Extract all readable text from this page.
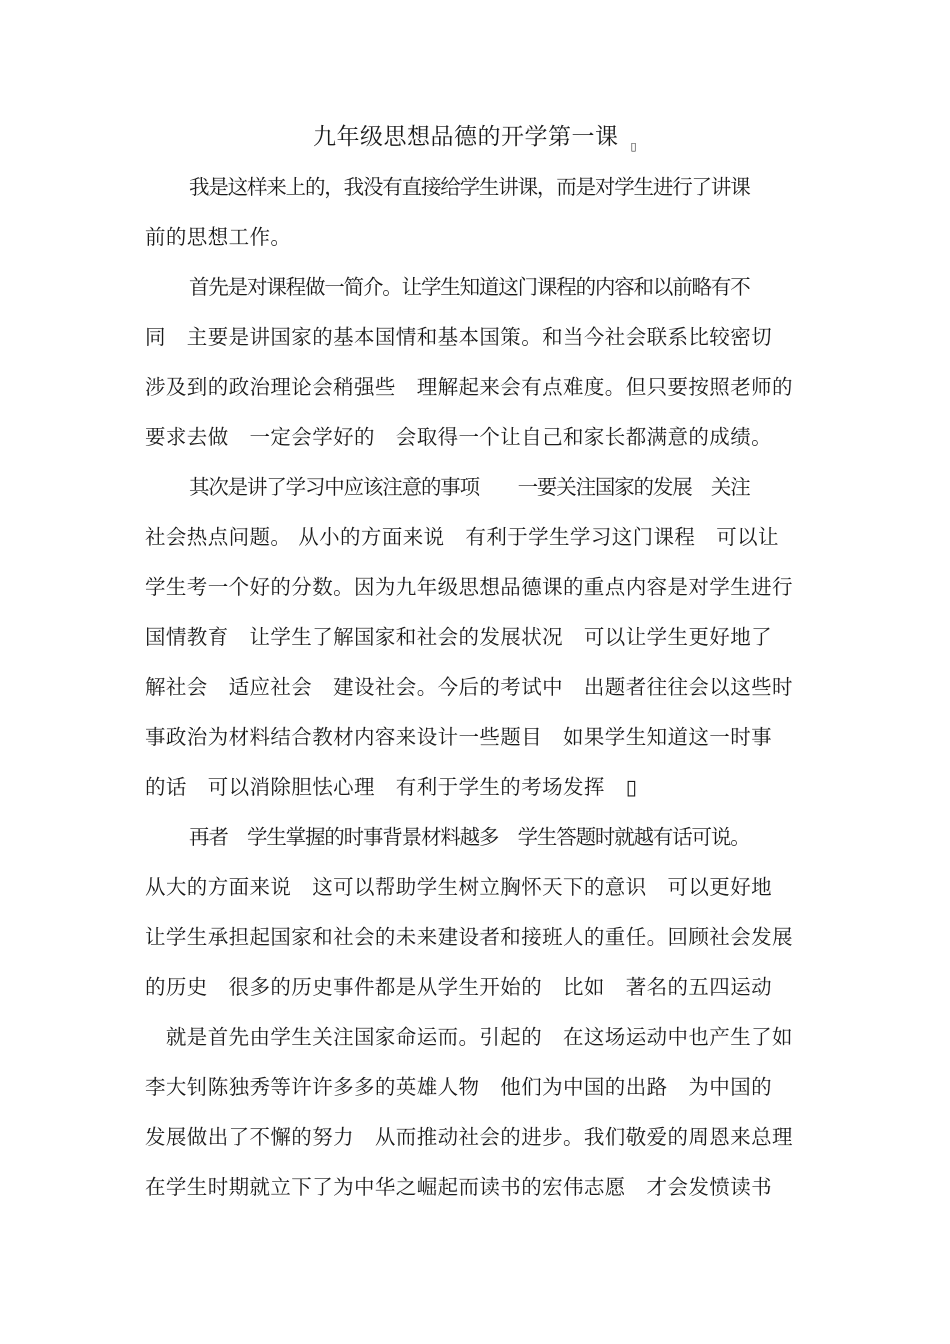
九年级思想品德的开学第一课 $_▯$
我是这样来上的，我没有直接给学生讲课，而是对学生进行了讲课
前的思想工作。
首先是对课程做一简介。让学生知道这门课程的内容和以前略有不
同　主要是讲国家的基本国情和基本国策。和当今社会联系比较密切
涉及到的政治理论会稍强些　理解起来会有点难度。但只要按照老师的
要求去做　一定会学好的　会取得一个让自己和家长都满意的成绩。
其次是讲了学习中应该注意的事项　　一要关注国家的发展　关注
社会热点问题。 从小的方面来说　有利于学生学习这门课程　可以让
学生考一个好的分数。因为九年级思想品德课的重点内容是对学生进行
国情教育　让学生了解国家和社会的发展状况　可以让学生更好地了
解社会　适应社会　建设社会。今后的考试中　出题者往往会以这些时
事政治为材料结合教材内容来设计一些题目　如果学生知道这一时事
的话　可以消除胆怯心理　有利于学生的考场发挥　▯
再者　学生掌握的时事背景材料越多　学生答题时就越有话可说。
从大的方面来说　这可以帮助学生树立胸怀天下的意识　可以更好地
让学生承担起国家和社会的未来建设者和接班人的重任。回顾社会发展
的历史　很多的历史事件都是从学生开始的　比如　著名的五四运动
　就是首先由学生关注国家命运而。引起的　在这场运动中也产生了如
李大钊陈独秀等许许多多的英雄人物　他们为中国的出路　为中国的
发展做出了不懈的努力　从而推动社会的进步。我们敬爱的周恩来总理
在学生时期就立下了为中华之崛起而读书的宏伟志愿　才会发愤读书
